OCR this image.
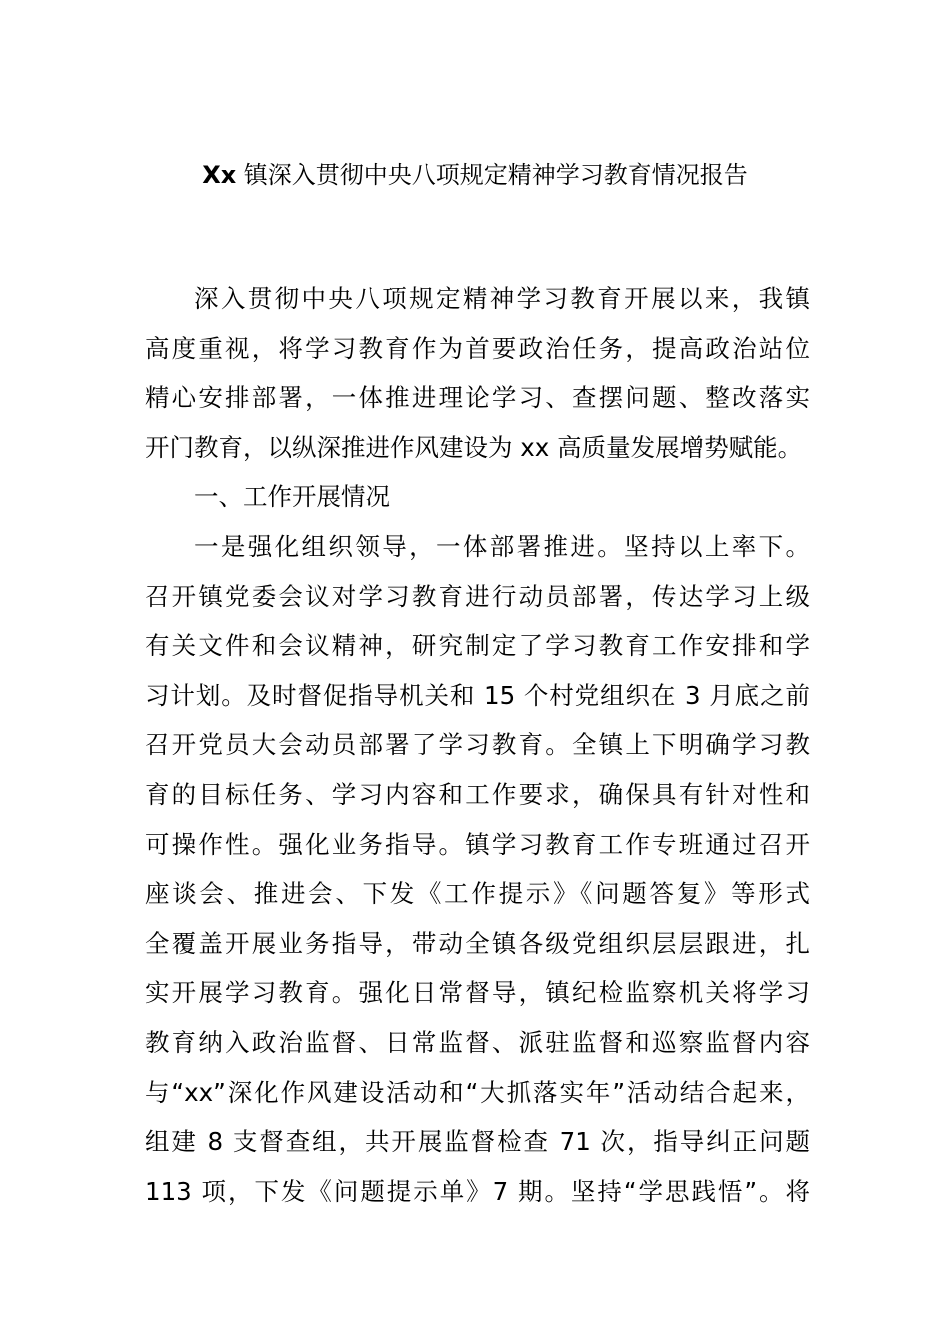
Xx 镇深入贯彻中央八项规定精神学习教育情况报告
深入贯彻中央八项规定精神学习教育开展以来，我镇
高度重视，将学习教育作为首要政治任务，提高政治站位
精心安排部署，一体推进理论学习、查摆问题、整改落实
开门教育，以纵深推进作风建设为 xx 高质量发展增势赋能。
一、工作开展情况
一是强化组织领导，一体部署推进。坚持以上率下。
召开镇党委会议对学习教育进行动员部署，传达学习上级
有关文件和会议精神，研究制定了学习教育工作安排和学
习计划。及时督促指导机关和 15 个村党组织在 3 月底之前
召开党员大会动员部署了学习教育。全镇上下明确学习教
育的目标任务、学习内容和工作要求，确保具有针对性和
可操作性。强化业务指导。镇学习教育工作专班通过召开
座谈会、推进会、下发《工作提示》《问题答复》等形式
全覆盖开展业务指导，带动全镇各级党组织层层跟进，扎
实开展学习教育。强化日常督导，镇纪检监察机关将学习
教育纳入政治监督、日常监督、派驻监督和巡察监督内容
与“xx”深化作风建设活动和“大抓落实年”活动结合起来，
组建 8 支督查组，共开展监督检查 71 次，指导纠正问题
113 项，下发《问题提示单》7 期。坚持“学思践悟”。将
